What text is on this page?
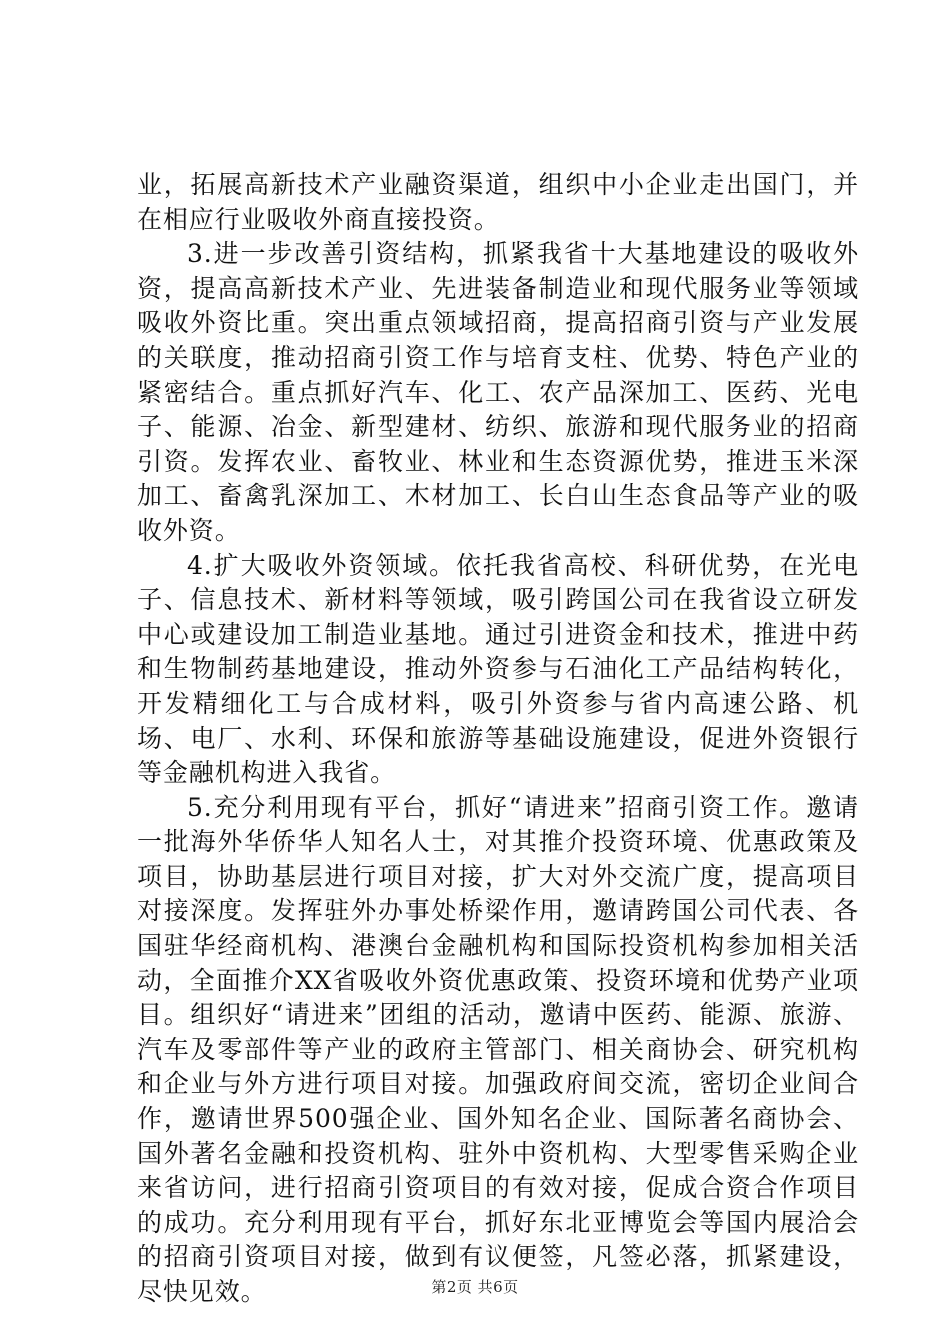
业，拓展高新技术产业融资渠道，组织中小企业走出国门，并在相应行业吸收外商直接投资。

3.进一步改善引资结构，抓紧我省十大基地建设的吸收外资，提高高新技术产业、先进装备制造业和现代服务业等领域吸收外资比重。突出重点领域招商，提高招商引资与产业发展的关联度，推动招商引资工作与培育支柱、优势、特色产业的紧密结合。重点抓好汽车、化工、农产品深加工、医药、光电子、能源、冶金、新型建材、纺织、旅游和现代服务业的招商引资。发挥农业、畜牧业、林业和生态资源优势，推进玉米深加工、畜禽乳深加工、木材加工、长白山生态食品等产业的吸收外资。

4.扩大吸收外资领域。依托我省高校、科研优势，在光电子、信息技术、新材料等领域，吸引跨国公司在我省设立研发中心或建设加工制造业基地。通过引进资金和技术，推进中药和生物制药基地建设，推动外资参与石油化工产品结构转化，开发精细化工与合成材料，吸引外资参与省内高速公路、机场、电厂、水利、环保和旅游等基础设施建设，促进外资银行等金融机构进入我省。

5.充分利用现有平台，抓好“请进来”招商引资工作。邀请一批海外华侨华人知名人士，对其推介投资环境、优惠政策及项目，协助基层进行项目对接，扩大对外交流广度，提高项目对接深度。发挥驻外办事处桥梁作用，邀请跨国公司代表、各国驻华经商机构、港澳台金融机构和国际投资机构参加相关活动，全面推介XX省吸收外资优惠政策、投资环境和优势产业项目。组织好“请进来”团组的活动，邀请中医药、能源、旅游、汽车及零部件等产业的政府主管部门、相关商协会、研究机构和企业与外方进行项目对接。加强政府间交流，密切企业间合作，邀请世界500强企业、国外知名企业、国际著名商协会、国外著名金融和投资机构、驻外中资机构、大型零售采购企业来省访问，进行招商引资项目的有效对接，促成合资合作项目的成功。充分利用现有平台，抓好东北亚博览会等国内展洽会的招商引资项目对接，做到有议便签，凡签必落，抓紧建设，尽快见效。	第2页 共6页
